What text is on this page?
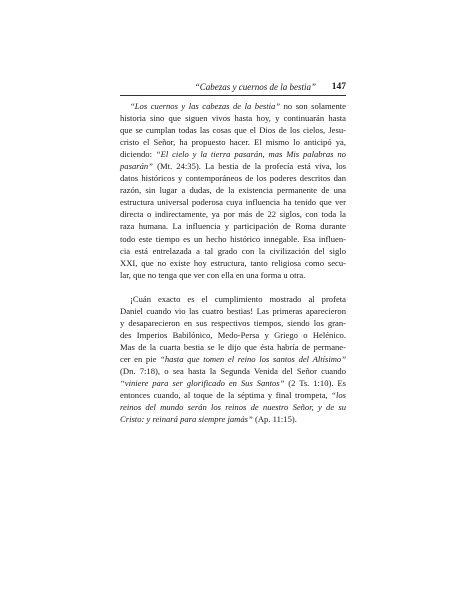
“Cabezas y cuernos de la bestia” 147
“Los cuernos y las cabezas de la bestia” no son solamente
historia sino que siguen vivos hasta hoy, y continuarán hasta
que se cumplan todas las cosas que el Dios de los cielos, Jesu-
cristo el Señor, ha propuesto hacer. El mismo lo anticipó ya,
diciendo: “El cielo y la tierra pasarán, mas Mis palabras no
pasarán” (Mt. 24:35). La bestia de la profecía está viva, los
datos históricos y contemporáneos de los poderes descritos dan
razón, sin lugar a dudas, de la existencia permanente de una
estructura universal poderosa cuya influencia ha tenido que ver
directa o indirectamente, ya por más de 22 siglos, con toda la
raza humana. La influencia y participación de Roma durante
todo este tiempo es un hecho histórico innegable. Esa influen-
cia está entrelazada a tal grado con la civilización del siglo
XXI, que no existe hoy estructura, tanto religiosa como secu-
lar, que no tenga que ver con ella en una forma u otra.
¡Cuán exacto es el cumplimiento mostrado al profeta
Daniel cuando vio las cuatro bestias! Las primeras aparecieron
y desaparecieron en sus respectivos tiempos, siendo los gran-
des Imperios Babilónico, Medo-Persa y Griego o Helénico.
Mas de la cuarta bestia se le dijo que ésta habría de permane-
cer en pie “hasta que tomen el reino los santos del Altísimo”
(Dn. 7:18), o sea hasta la Segunda Venida del Señor cuando
“viniere para ser glorificado en Sus Santos” (2 Ts. 1:10). Es
entonces cuando, al toque de la séptima y final trompeta, “los
reinos del mundo serán los reinos de nuestro Señor, y de su
Cristo: y reinará para siempre jamás” (Ap. 11:15).
